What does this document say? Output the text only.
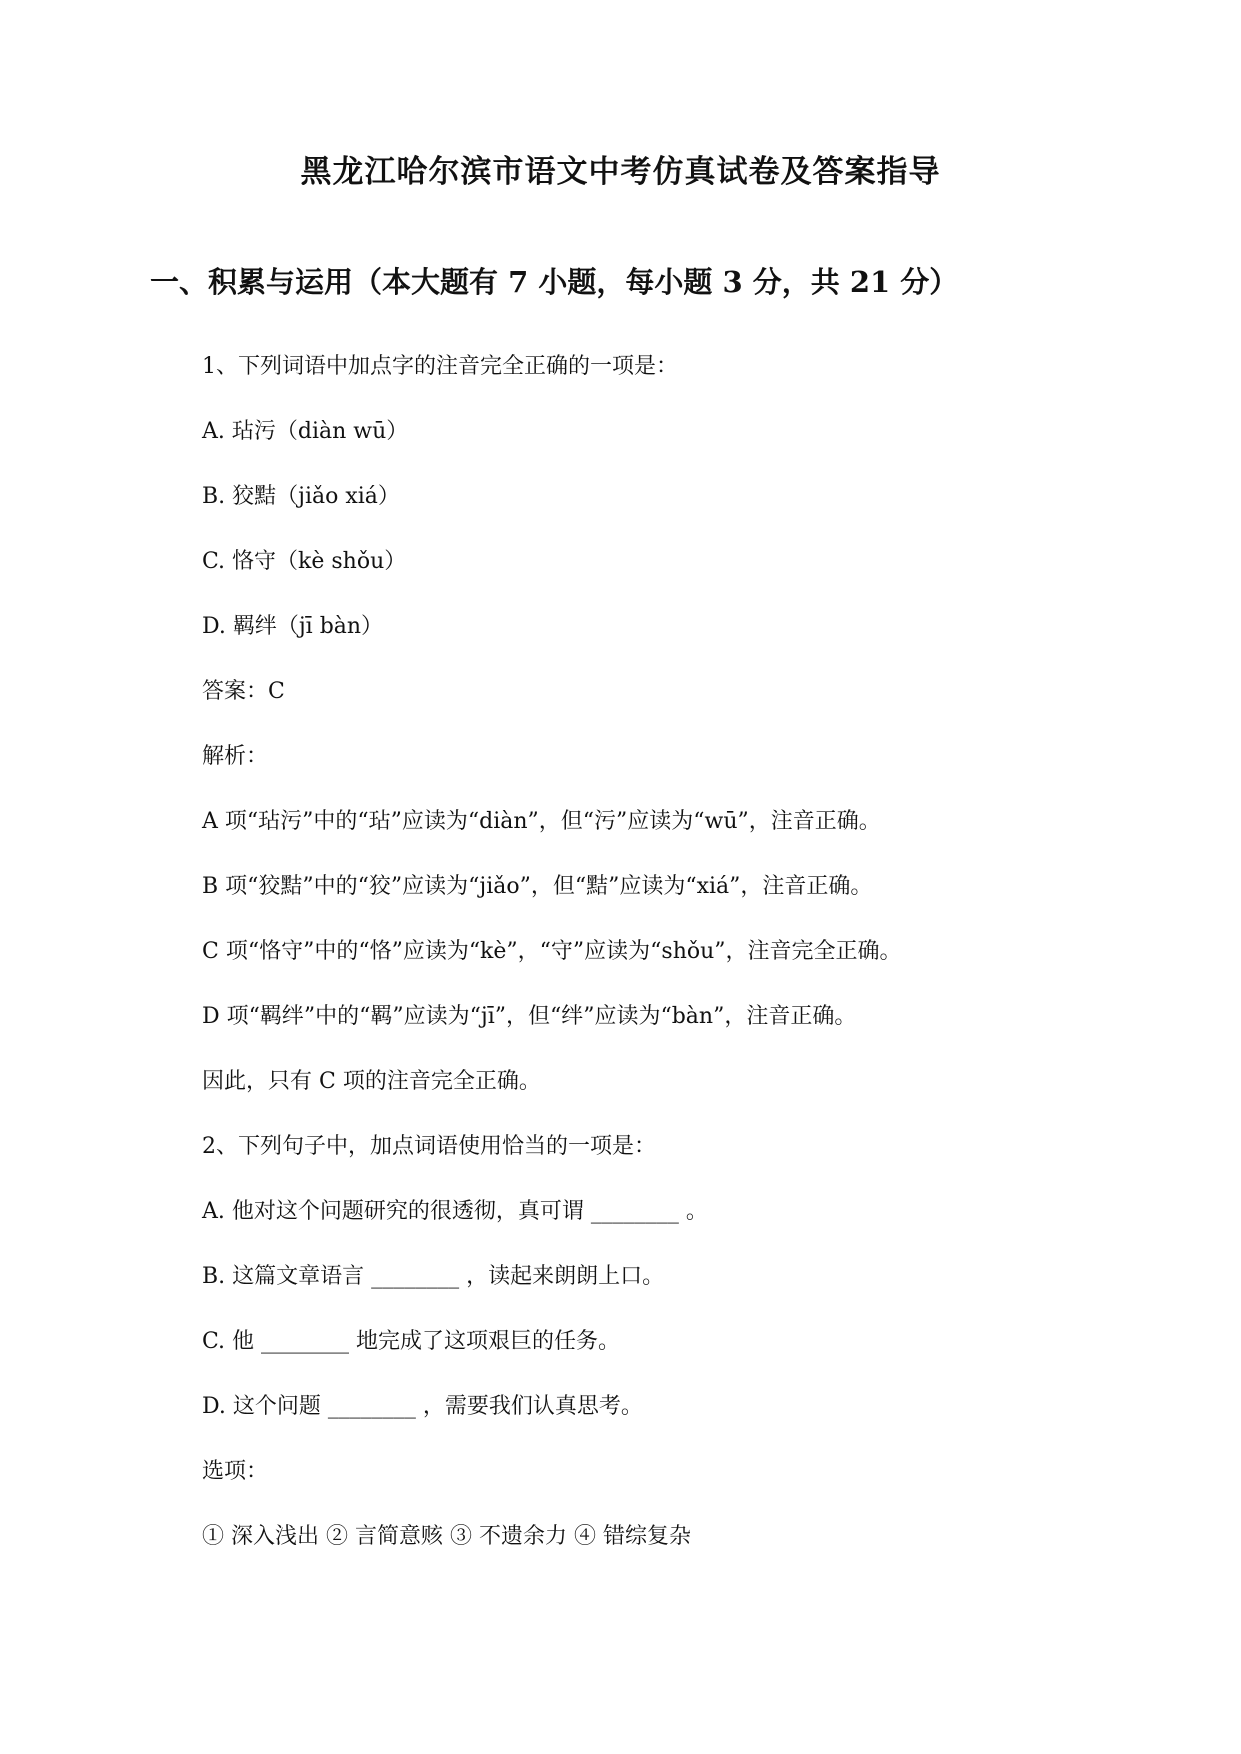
黑龙江哈尔滨市语文中考仿真试卷及答案指导
一、积累与运用（本大题有 7 小题，每小题 3 分，共 21 分）
1、下列词语中加点字的注音完全正确的一项是：
A. 玷污（diàn wū）
B. 狡黠（jiǎo xiá）
C. 恪守（kè shǒu）
D. 羁绊（jī bàn）
答案：C
解析：
A 项“玷污”中的“玷”应读为“diàn”，但“污”应读为“wū”，注音正确。
B 项“狡黠”中的“狡”应读为“jiǎo”，但“黠”应读为“xiá”，注音正确。
C 项“恪守”中的“恪”应读为“kè”，“守”应读为“shǒu”，注音完全正确。
D 项“羁绊”中的“羁”应读为“jī”，但“绊”应读为“bàn”，注音正确。
因此，只有 C 项的注音完全正确。
2、下列句子中，加点词语使用恰当的一项是：
A. 他对这个问题研究的很透彻，真可谓 ________ 。
B. 这篇文章语言 ________ ，读起来朗朗上口。
C. 他 ________ 地完成了这项艰巨的任务。
D. 这个问题 ________ ，需要我们认真思考。
选项：
① 深入浅出 ② 言简意赅 ③ 不遗余力 ④ 错综复杂
